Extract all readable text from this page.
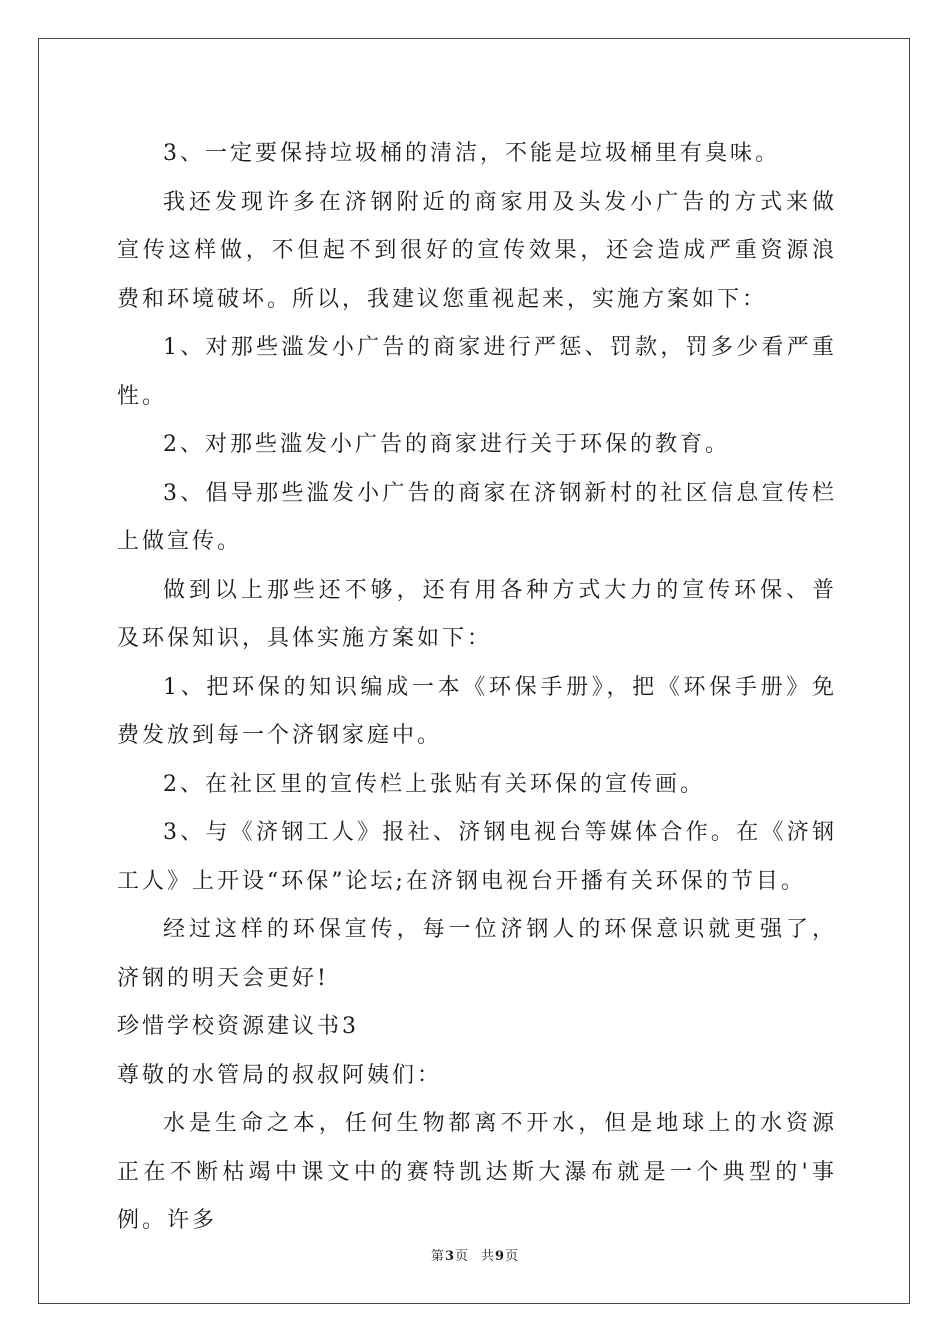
3、一定要保持垃圾桶的清洁，不能是垃圾桶里有臭味。

我还发现许多在济钢附近的商家用及头发小广告的方式来做宣传这样做，不但起不到很好的宣传效果，还会造成严重资源浪费和环境破坏。所以，我建议您重视起来，实施方案如下：

1、对那些滥发小广告的商家进行严惩、罚款，罚多少看严重性。

2、对那些滥发小广告的商家进行关于环保的教育。

3、倡导那些滥发小广告的商家在济钢新村的社区信息宣传栏上做宣传。

做到以上那些还不够，还有用各种方式大力的宣传环保、普及环保知识，具体实施方案如下：

1、把环保的知识编成一本《环保手册》，把《环保手册》免费发放到每一个济钢家庭中。

2、在社区里的宣传栏上张贴有关环保的宣传画。

3、与《济钢工人》报社、济钢电视台等媒体合作。在《济钢工人》上开设“环保”论坛;在济钢电视台开播有关环保的节目。

经过这样的环保宣传，每一位济钢人的环保意识就更强了，济钢的明天会更好!

珍惜学校资源建议书3

尊敬的水管局的叔叔阿姨们：

水是生命之本，任何生物都离不开水，但是地球上的水资源正在不断枯竭中课文中的赛特凯达斯大瀑布就是一个典型的'事例。许多

第3页 共9页
